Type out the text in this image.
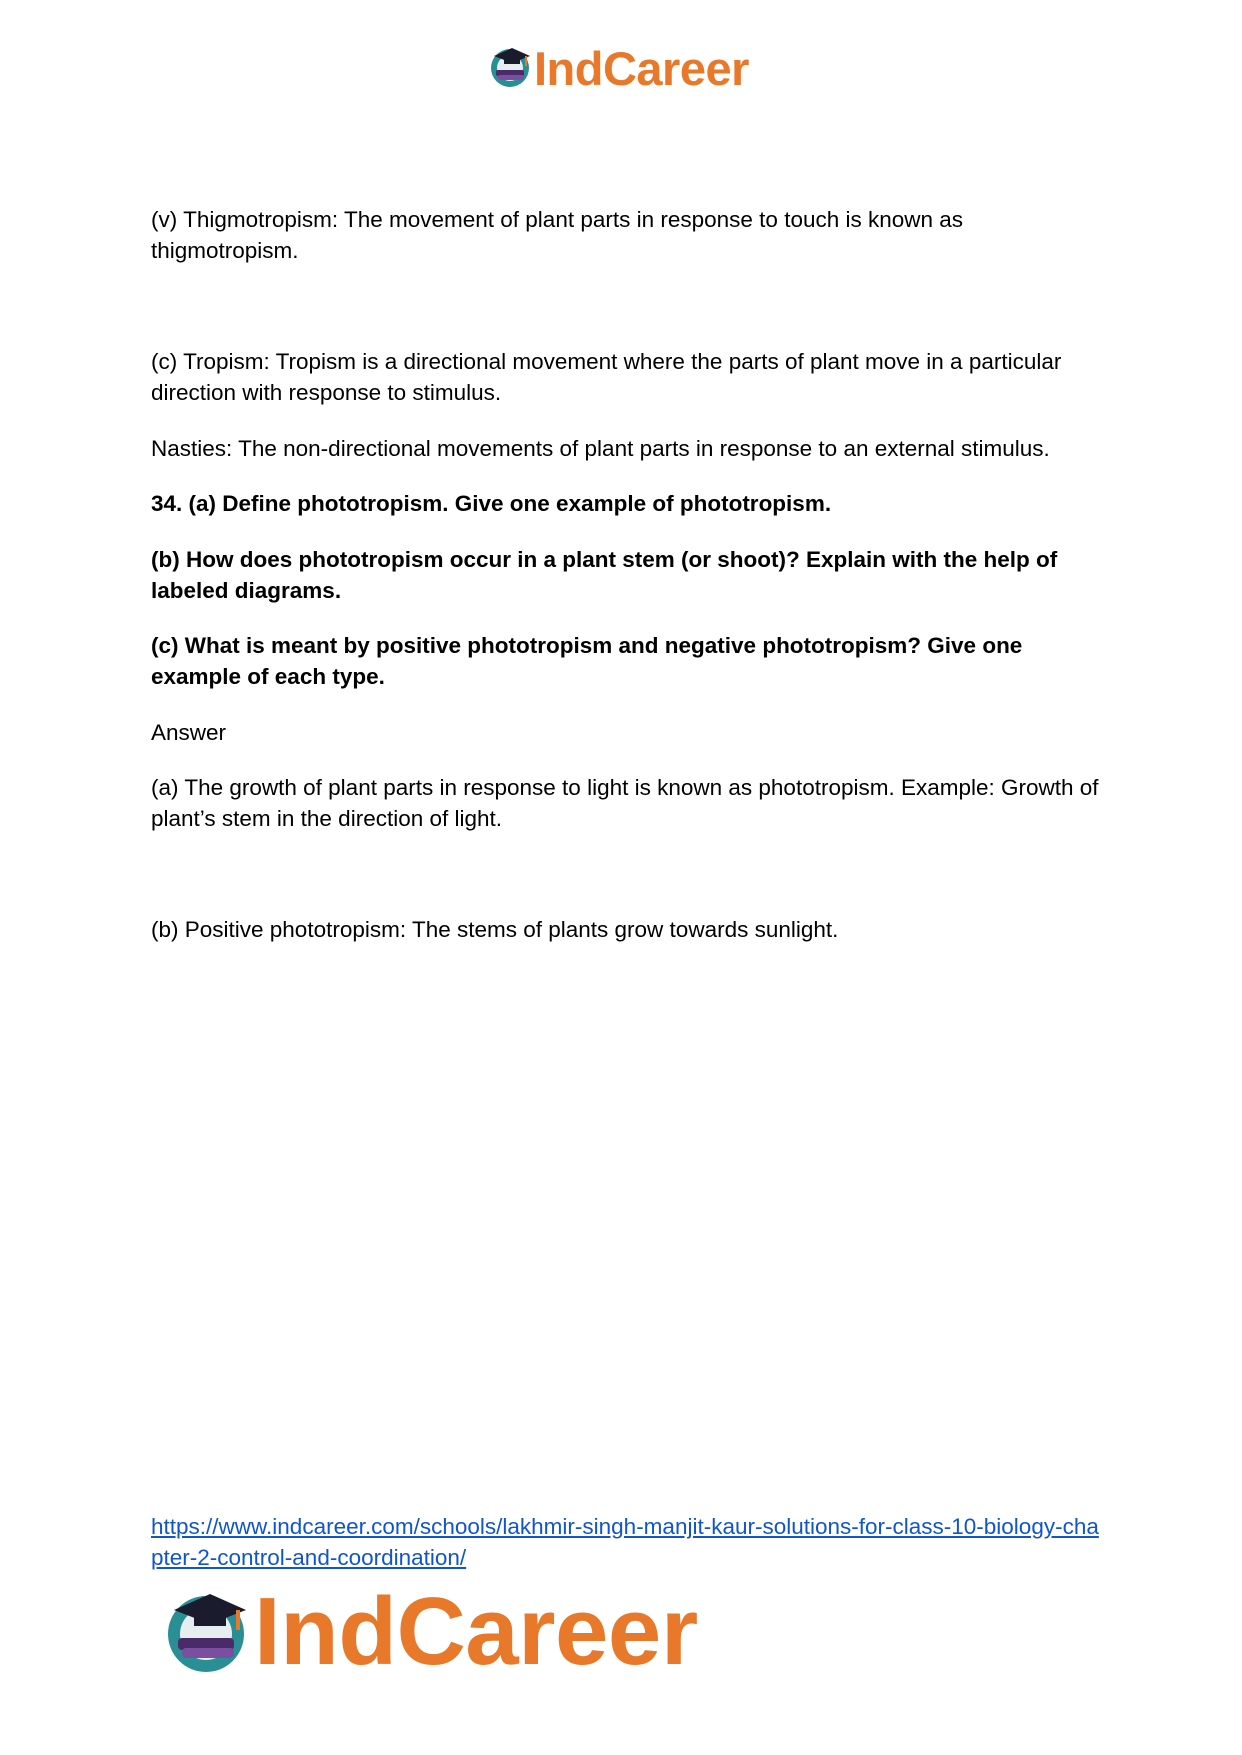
IndCareer

(v) Thigmotropism: The movement of plant parts in response to touch is known as thigmotropism.

(c) Tropism: Tropism is a directional movement where the parts of plant move in a particular direction with response to stimulus.

Nasties: The non-directional movements of plant parts in response to an external stimulus.

34. (a) Define phototropism. Give one example of phototropism.

(b) How does phototropism occur in a plant stem (or shoot)? Explain with the help of labeled diagrams.

(c) What is meant by positive phototropism and negative phototropism? Give one example of each type.

Answer

(a) The growth of plant parts in response to light is known as phototropism. Example: Growth of plant’s stem in the direction of light.

(b) Positive phototropism: The stems of plants grow towards sunlight.

https://www.indcareer.com/schools/lakhmir-singh-manjit-kaur-solutions-for-class-10-biology-chapter-2-control-and-coordination/
IndCareer
